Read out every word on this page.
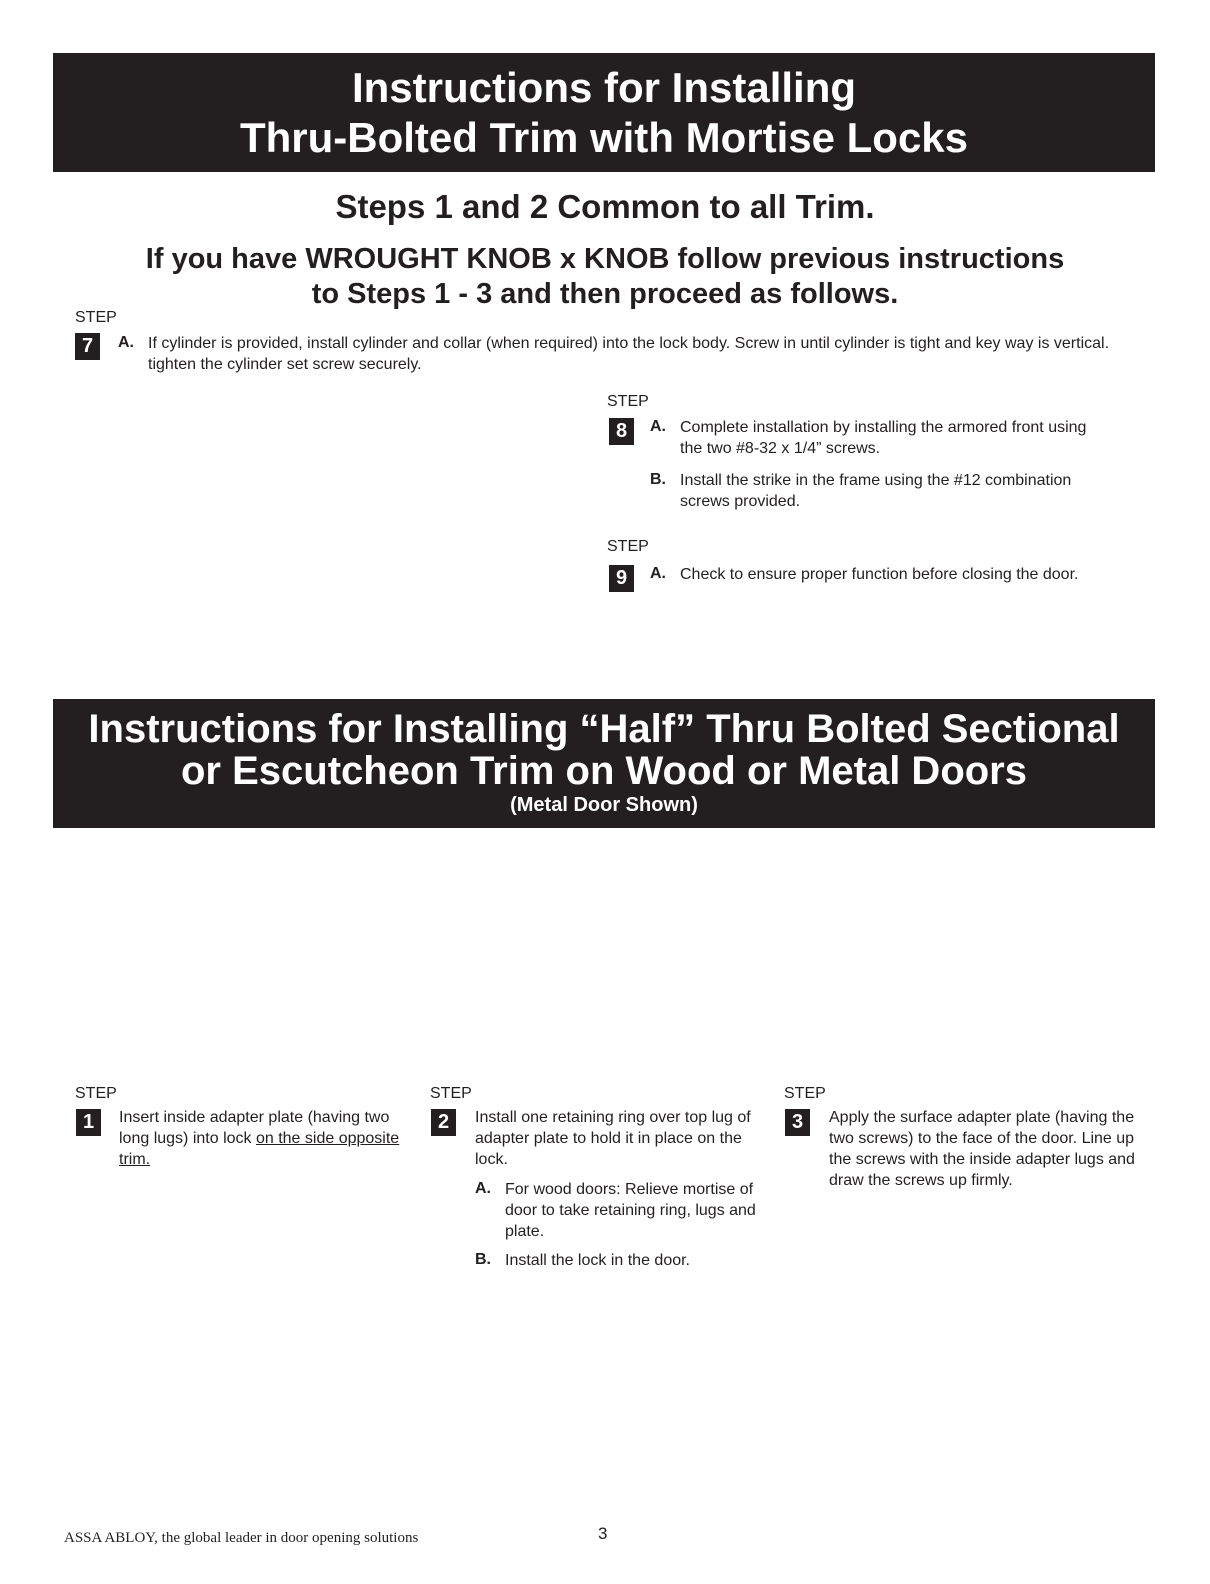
Instructions for Installing
Thru-Bolted Trim with Mortise Locks
Steps 1 and 2 Common to all Trim.
If you have WROUGHT KNOB x KNOB follow previous instructions
to Steps 1 - 3 and then proceed as follows.
STEP
7	A. If cylinder is provided, install cylinder and collar (when required) into the lock body. Screw in until cylinder is tight and key way is vertical. tighten the cylinder set screw securely.
STEP
8	A. Complete installation by installing the armored front using the two #8-32 x 1/4” screws.
B. Install the strike in the frame using the #12 combination screws provided.
STEP
9	A. Check to ensure proper function before closing the door.
Instructions for Installing “Half” Thru Bolted Sectional
or Escutcheon Trim on Wood or Metal Doors
(Metal Door Shown)
STEP
1	Insert inside adapter plate (having two long lugs) into lock on the side opposite trim.
STEP
2	Install one retaining ring over top lug of adapter plate to hold it in place on the lock.
A. For wood doors: Relieve mortise of door to take retaining ring, lugs and plate.
B. Install the lock in the door.
STEP
3	Apply the surface adapter plate (having the two screws) to the face of the door. Line up the screws with the inside adapter lugs and draw the screws up firmly.
ASSA ABLOY, the global leader in door opening solutions	3
